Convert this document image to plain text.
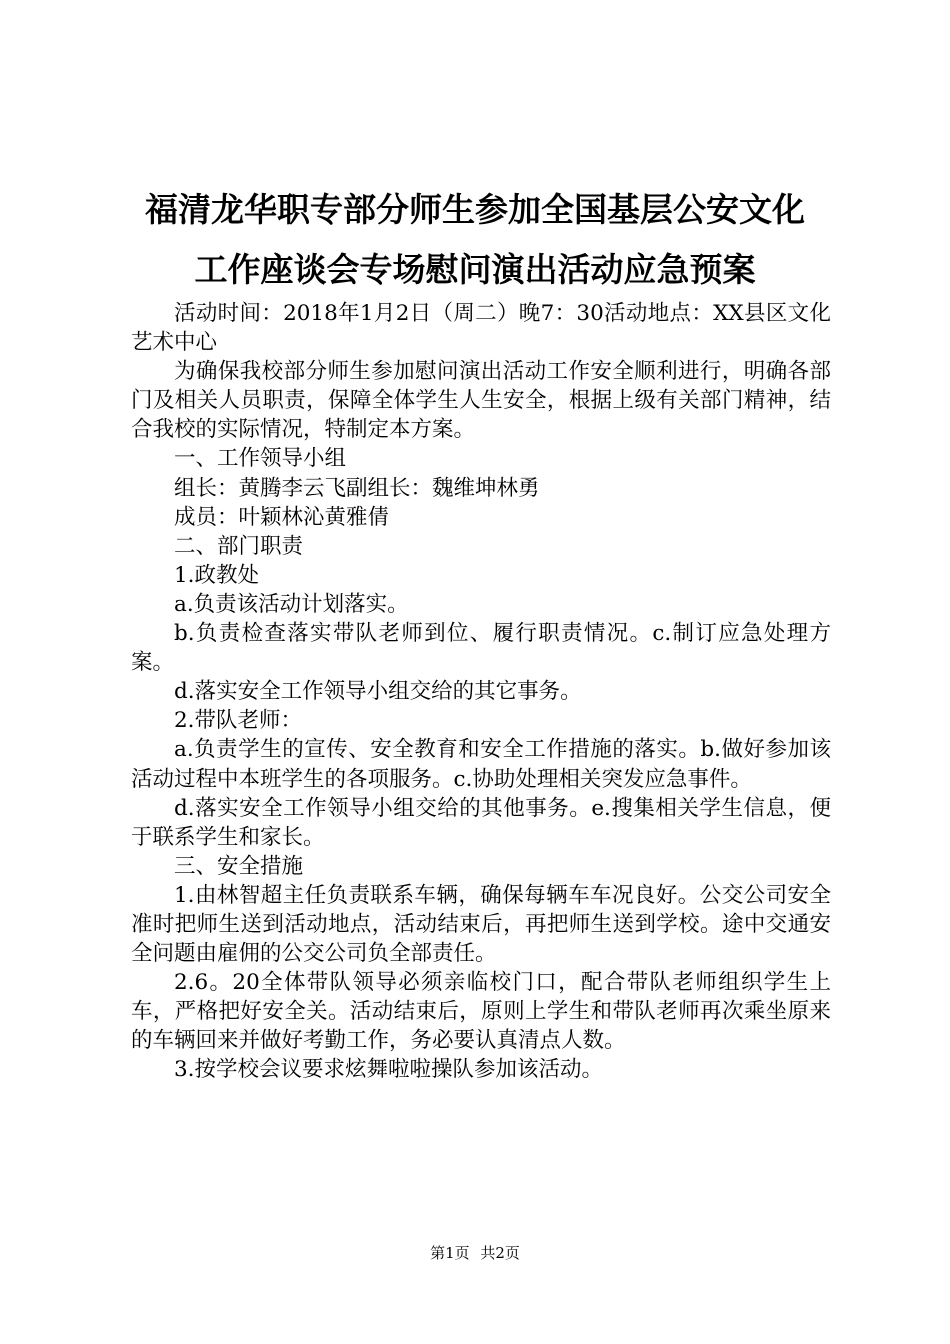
福清龙华职专部分师生参加全国基层公安文化
工作座谈会专场慰问演出活动应急预案

活动时间：2018年1月2日（周二）晚7：30活动地点：XX县区文化艺术中心

为确保我校部分师生参加慰问演出活动工作安全顺利进行，明确各部门及相关人员职责，保障全体学生人生安全，根据上级有关部门精神，结合我校的实际情况，特制定本方案。

一、工作领导小组

组长：黄腾李云飞副组长：魏维坤林勇

成员：叶颖林沁黄雅倩

二、部门职责

1.政教处

a.负责该活动计划落实。

b.负责检查落实带队老师到位、履行职责情况。c.制订应急处理方案。

d.落实安全工作领导小组交给的其它事务。

2.带队老师：

a.负责学生的宣传、安全教育和安全工作措施的落实。b.做好参加该活动过程中本班学生的各项服务。c.协助处理相关突发应急事件。

d.落实安全工作领导小组交给的其他事务。e.搜集相关学生信息，便于联系学生和家长。

三、安全措施

1.由林智超主任负责联系车辆，确保每辆车车况良好。公交公司安全准时把师生送到活动地点，活动结束后，再把师生送到学校。途中交通安全问题由雇佣的公交公司负全部责任。

2.6。20全体带队领导必须亲临校门口，配合带队老师组织学生上车，严格把好安全关。活动结束后，原则上学生和带队老师再次乘坐原来的车辆回来并做好考勤工作，务必要认真清点人数。

3.按学校会议要求炫舞啦啦操队参加该活动。

第1页 共2页
